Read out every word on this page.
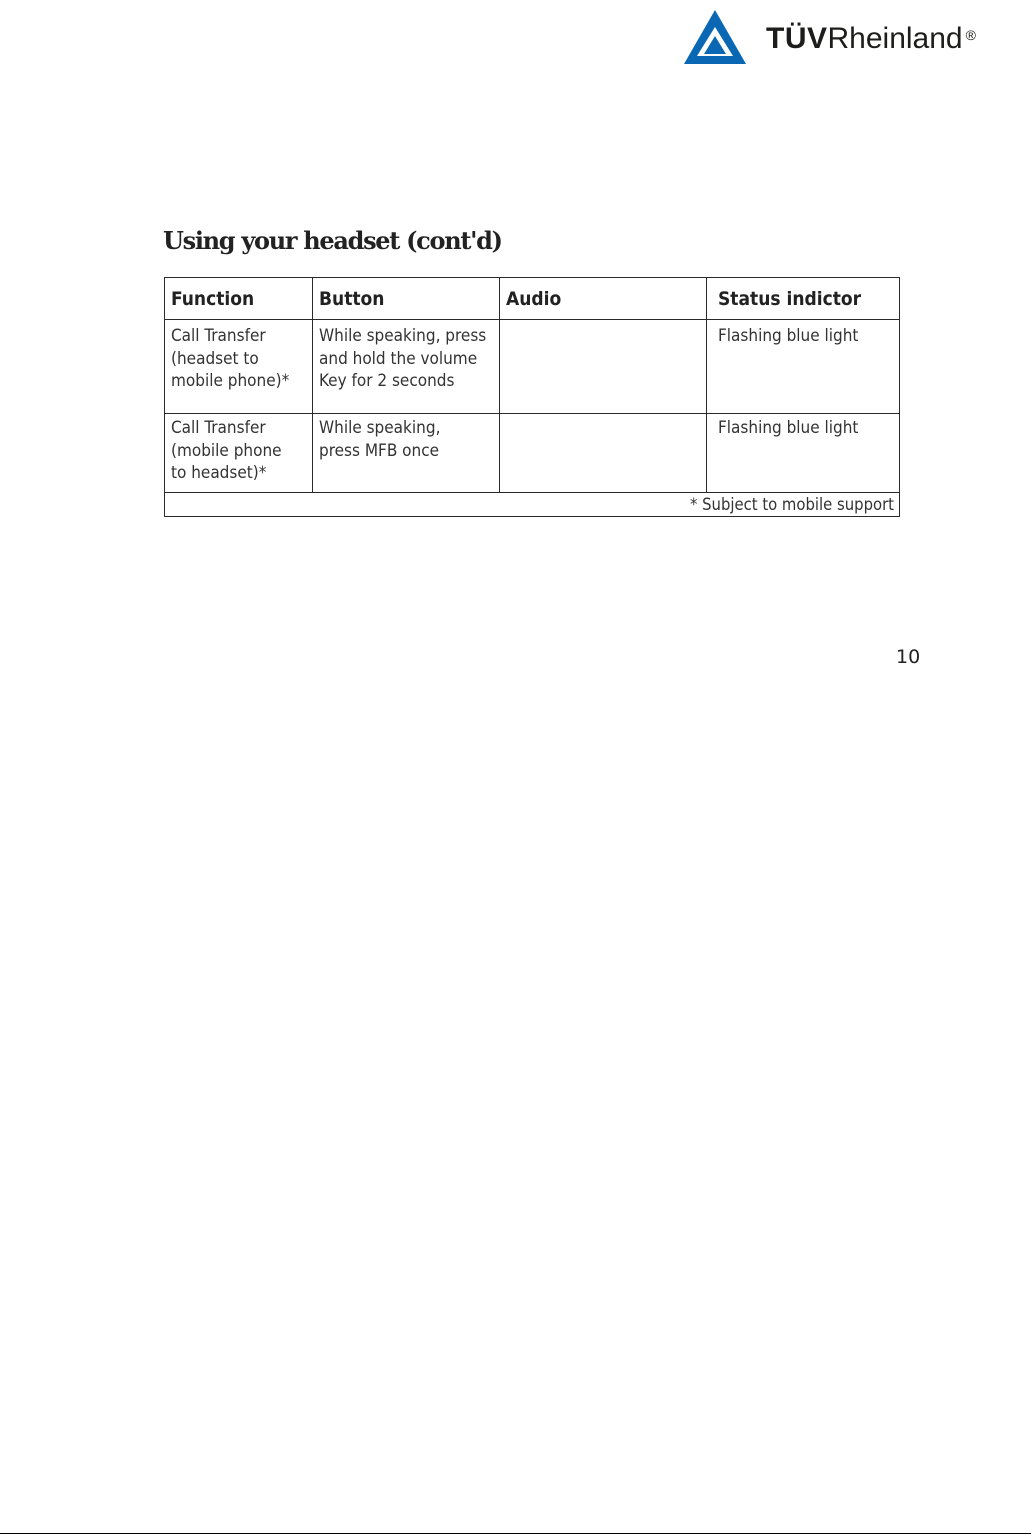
TÜVRheinland ®
Using your headset (cont'd)
Function	Button	Audio	Status indictor

Call Transfer
(headset to
mobile phone)*	While speaking, press
and hold the volume
Key for 2 seconds		Flashing blue light

Call Transfer
(mobile phone
to headset)*	While speaking,
press MFB once		Flashing blue light
* Subject to mobile support			
10
